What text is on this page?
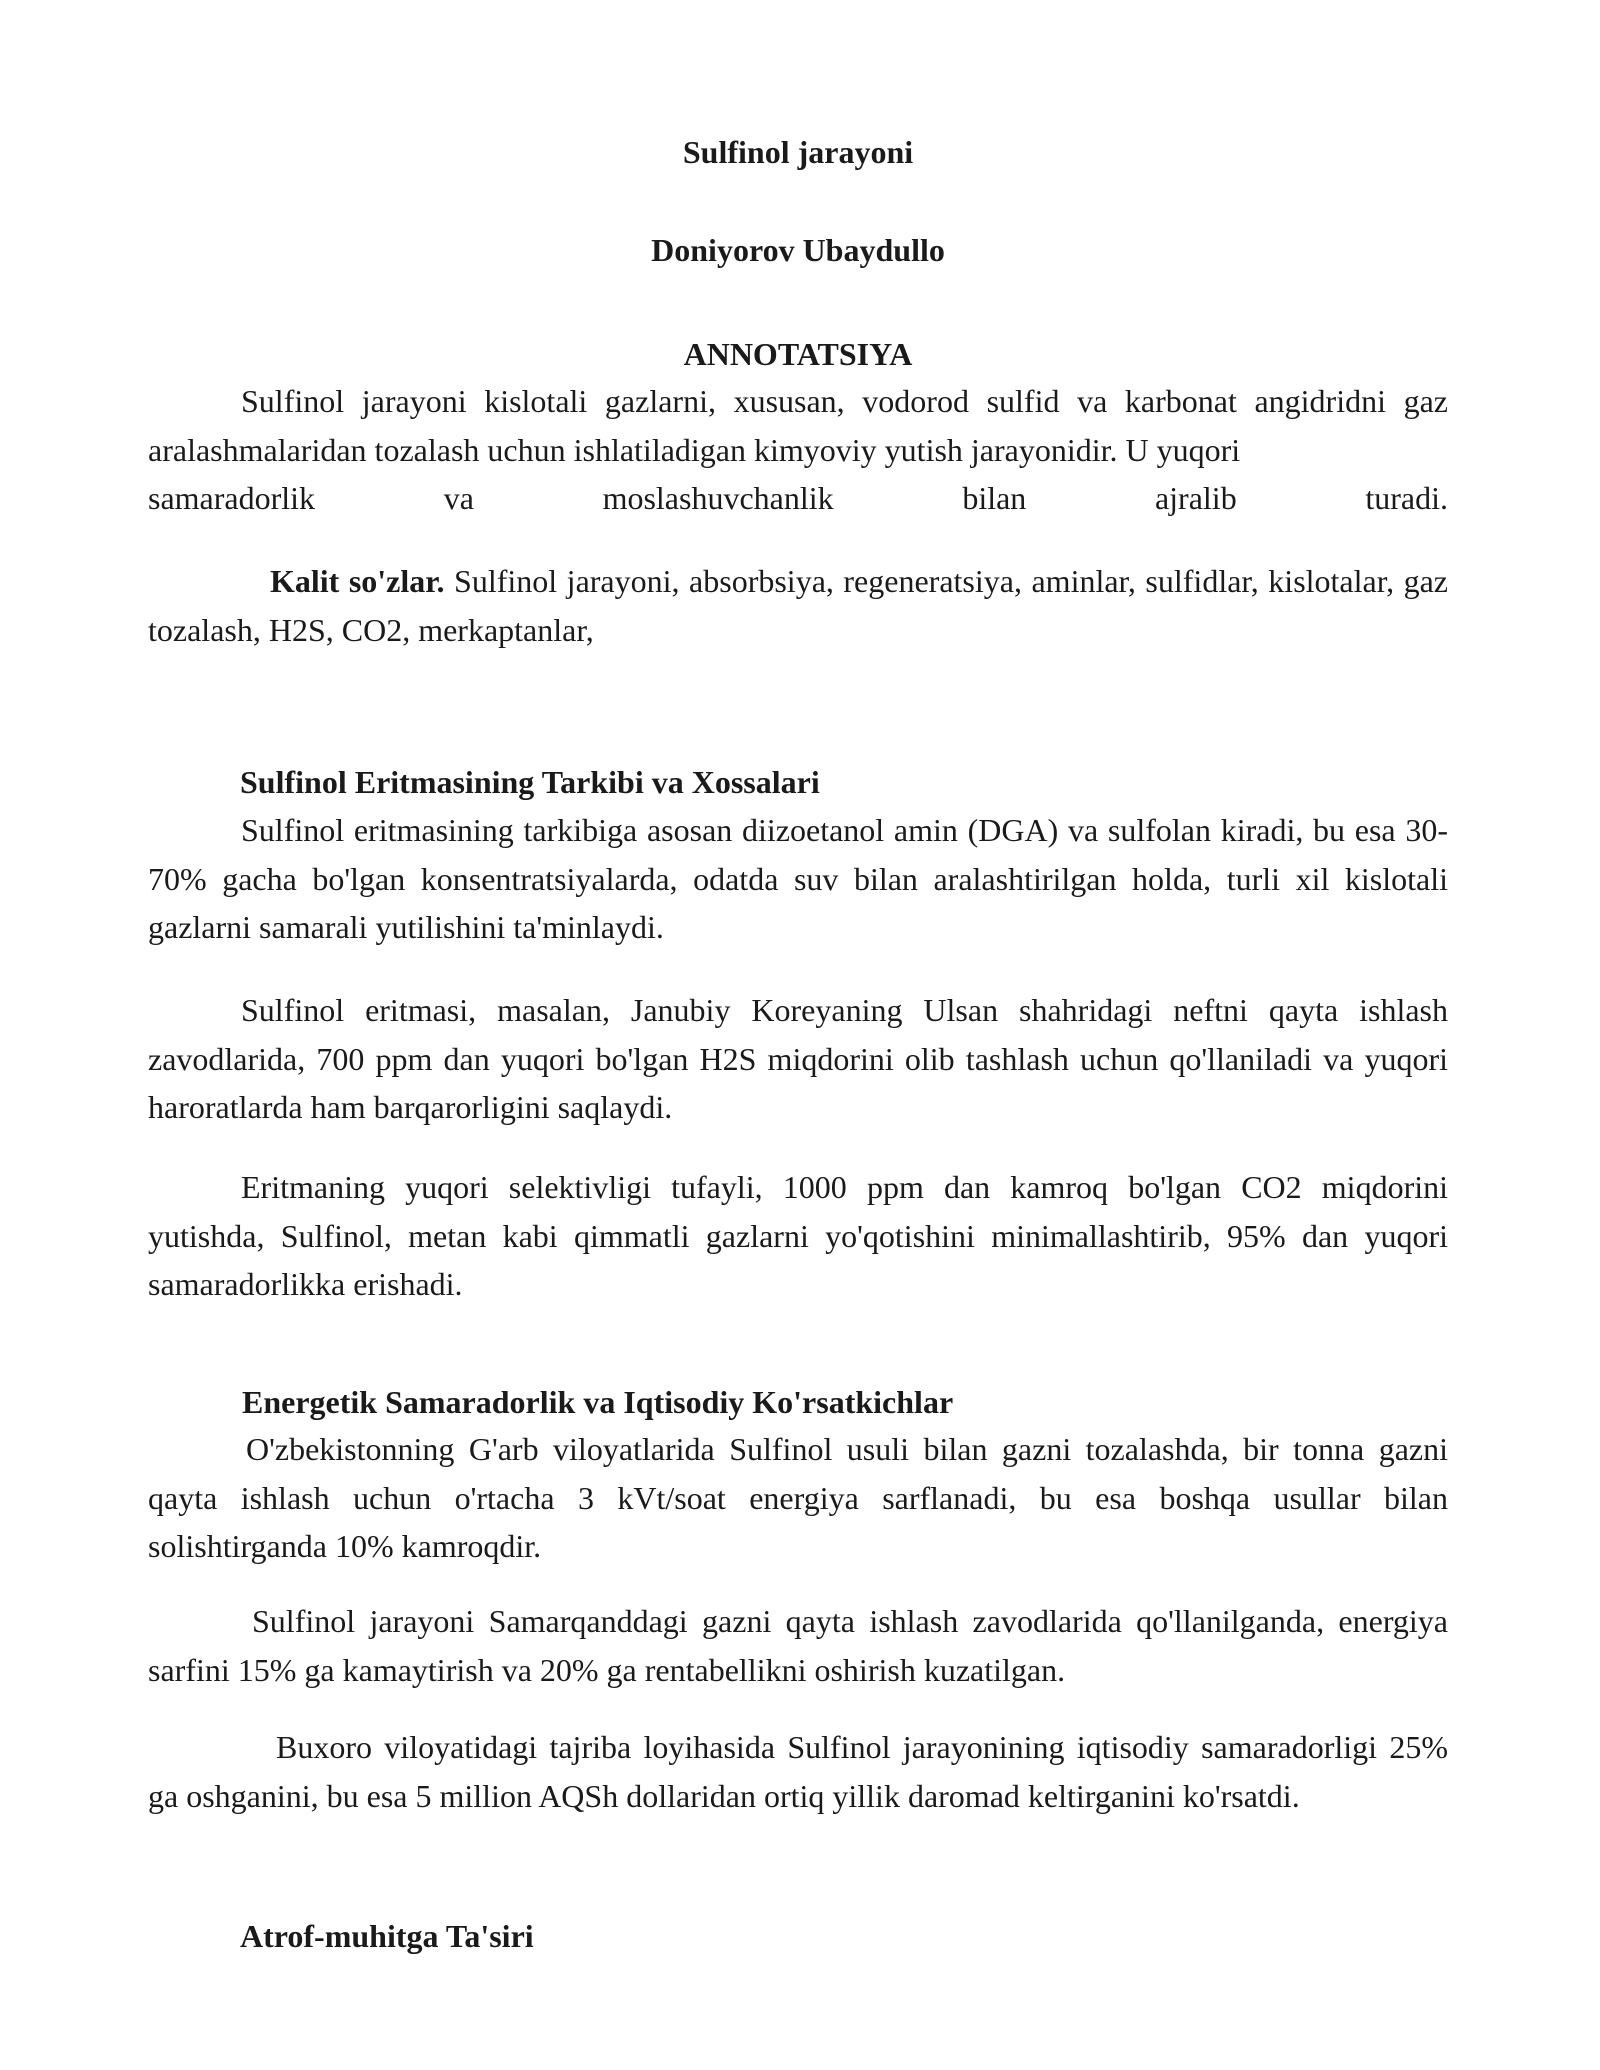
Sulfinol jarayoni
Doniyorov Ubaydullo
ANNOTATSIYA
Sulfinol jarayoni kislotali gazlarni, xususan, vodorod sulfid va karbonat angidridni gaz aralashmalaridan tozalash uchun ishlatiladigan kimyoviy yutish jarayonidir. U yuqori
samaradorlik va moslashuvchanlik bilan ajralib turadi.
Kalit so'zlar. Sulfinol jarayoni, absorbsiya, regeneratsiya, aminlar, sulfidlar, kislotalar, gaz tozalash, H2S, CO2, merkaptanlar,
Sulfinol Eritmasining Tarkibi va Xossalari
Sulfinol eritmasining tarkibiga asosan diizoetanol amin (DGA) va sulfolan kiradi, bu esa 30-70% gacha bo'lgan konsentratsiyalarda, odatda suv bilan aralashtirilgan holda, turli xil kislotali gazlarni samarali yutilishini ta'minlaydi.
Sulfinol eritmasi, masalan, Janubiy Koreyaning Ulsan shahridagi neftni qayta ishlash zavodlarida, 700 ppm dan yuqori bo'lgan H2S miqdorini olib tashlash uchun qo'llaniladi va yuqori haroratlarda ham barqarorligini saqlaydi.
Eritmaning yuqori selektivligi tufayli, 1000 ppm dan kamroq bo'lgan CO2 miqdorini yutishda, Sulfinol, metan kabi qimmatli gazlarni yo'qotishini minimallashtirib, 95% dan yuqori samaradorlikka erishadi.
Energetik Samaradorlik va Iqtisodiy Ko'rsatkichlar
O'zbekistonning G'arb viloyatlarida Sulfinol usuli bilan gazni tozalashda, bir tonna gazni qayta ishlash uchun o'rtacha 3 kVt/soat energiya sarflanadi, bu esa boshqa usullar bilan solishtirganda 10% kamroqdir.
Sulfinol jarayoni Samarqanddagi gazni qayta ishlash zavodlarida qo'llanilganda, energiya sarfini 15% ga kamaytirish va 20% ga rentabellikni oshirish kuzatilgan.
Buxoro viloyatidagi tajriba loyihasida Sulfinol jarayonining iqtisodiy samaradorligi 25% ga oshganini, bu esa 5 million AQSh dollaridan ortiq yillik daromad keltirganini ko'rsatdi.
Atrof-muhitga Ta'siri
